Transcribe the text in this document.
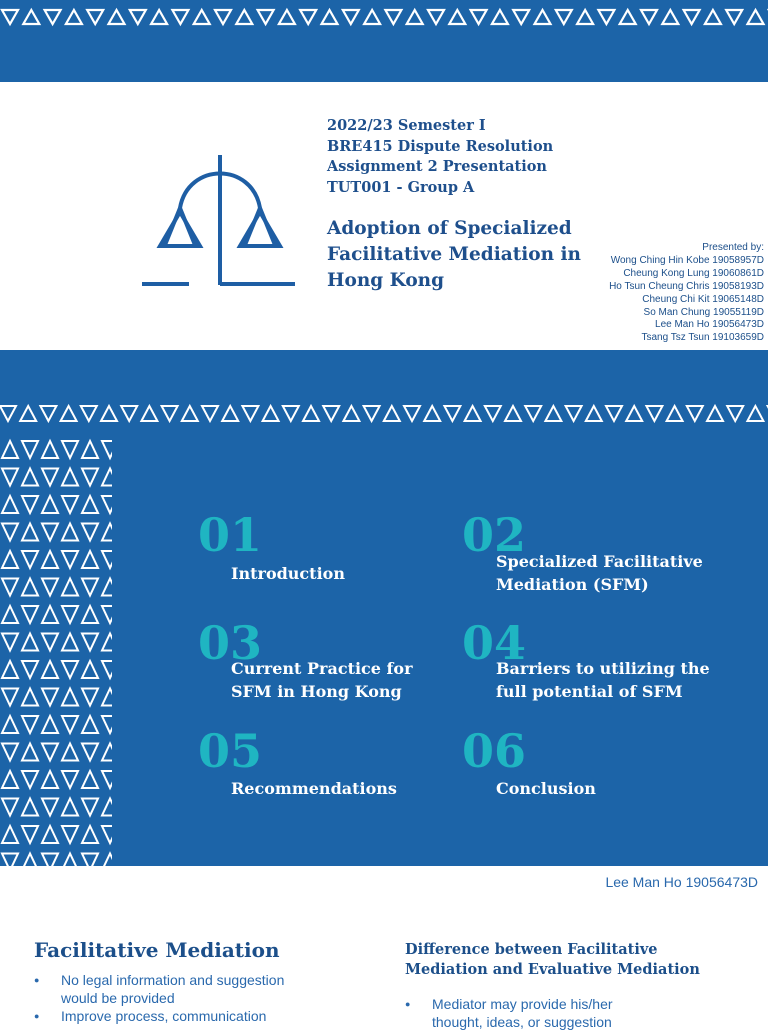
2022/23 Semester I
BRE415 Dispute Resolution
Assignment 2 Presentation
TUT001 - Group A
Adoption of Specialized Facilitative Mediation in Hong Kong
Presented by:
Wong Ching Hin Kobe 19058957D
Cheung Kong Lung 19060861D
Ho Tsun Cheung Chris 19058193D
Cheung Chi Kit 19065148D
So Man Chung 19055119D
Lee Man Ho 19056473D
Tsang Tsz Tsun 19103659D
01
Introduction
02
Specialized Facilitative Mediation (SFM)
03
Current Practice for SFM in Hong Kong
04
Barriers to utilizing the full potential of SFM
05
Recommendations
06
Conclusion
Lee Man Ho 19056473D
Facilitative Mediation
● No legal information and suggestion would be provided
● Improve process, communication
Difference between Facilitative Mediation and Evaluative Mediation
● Mediator may provide his/her thought, ideas, or suggestion
